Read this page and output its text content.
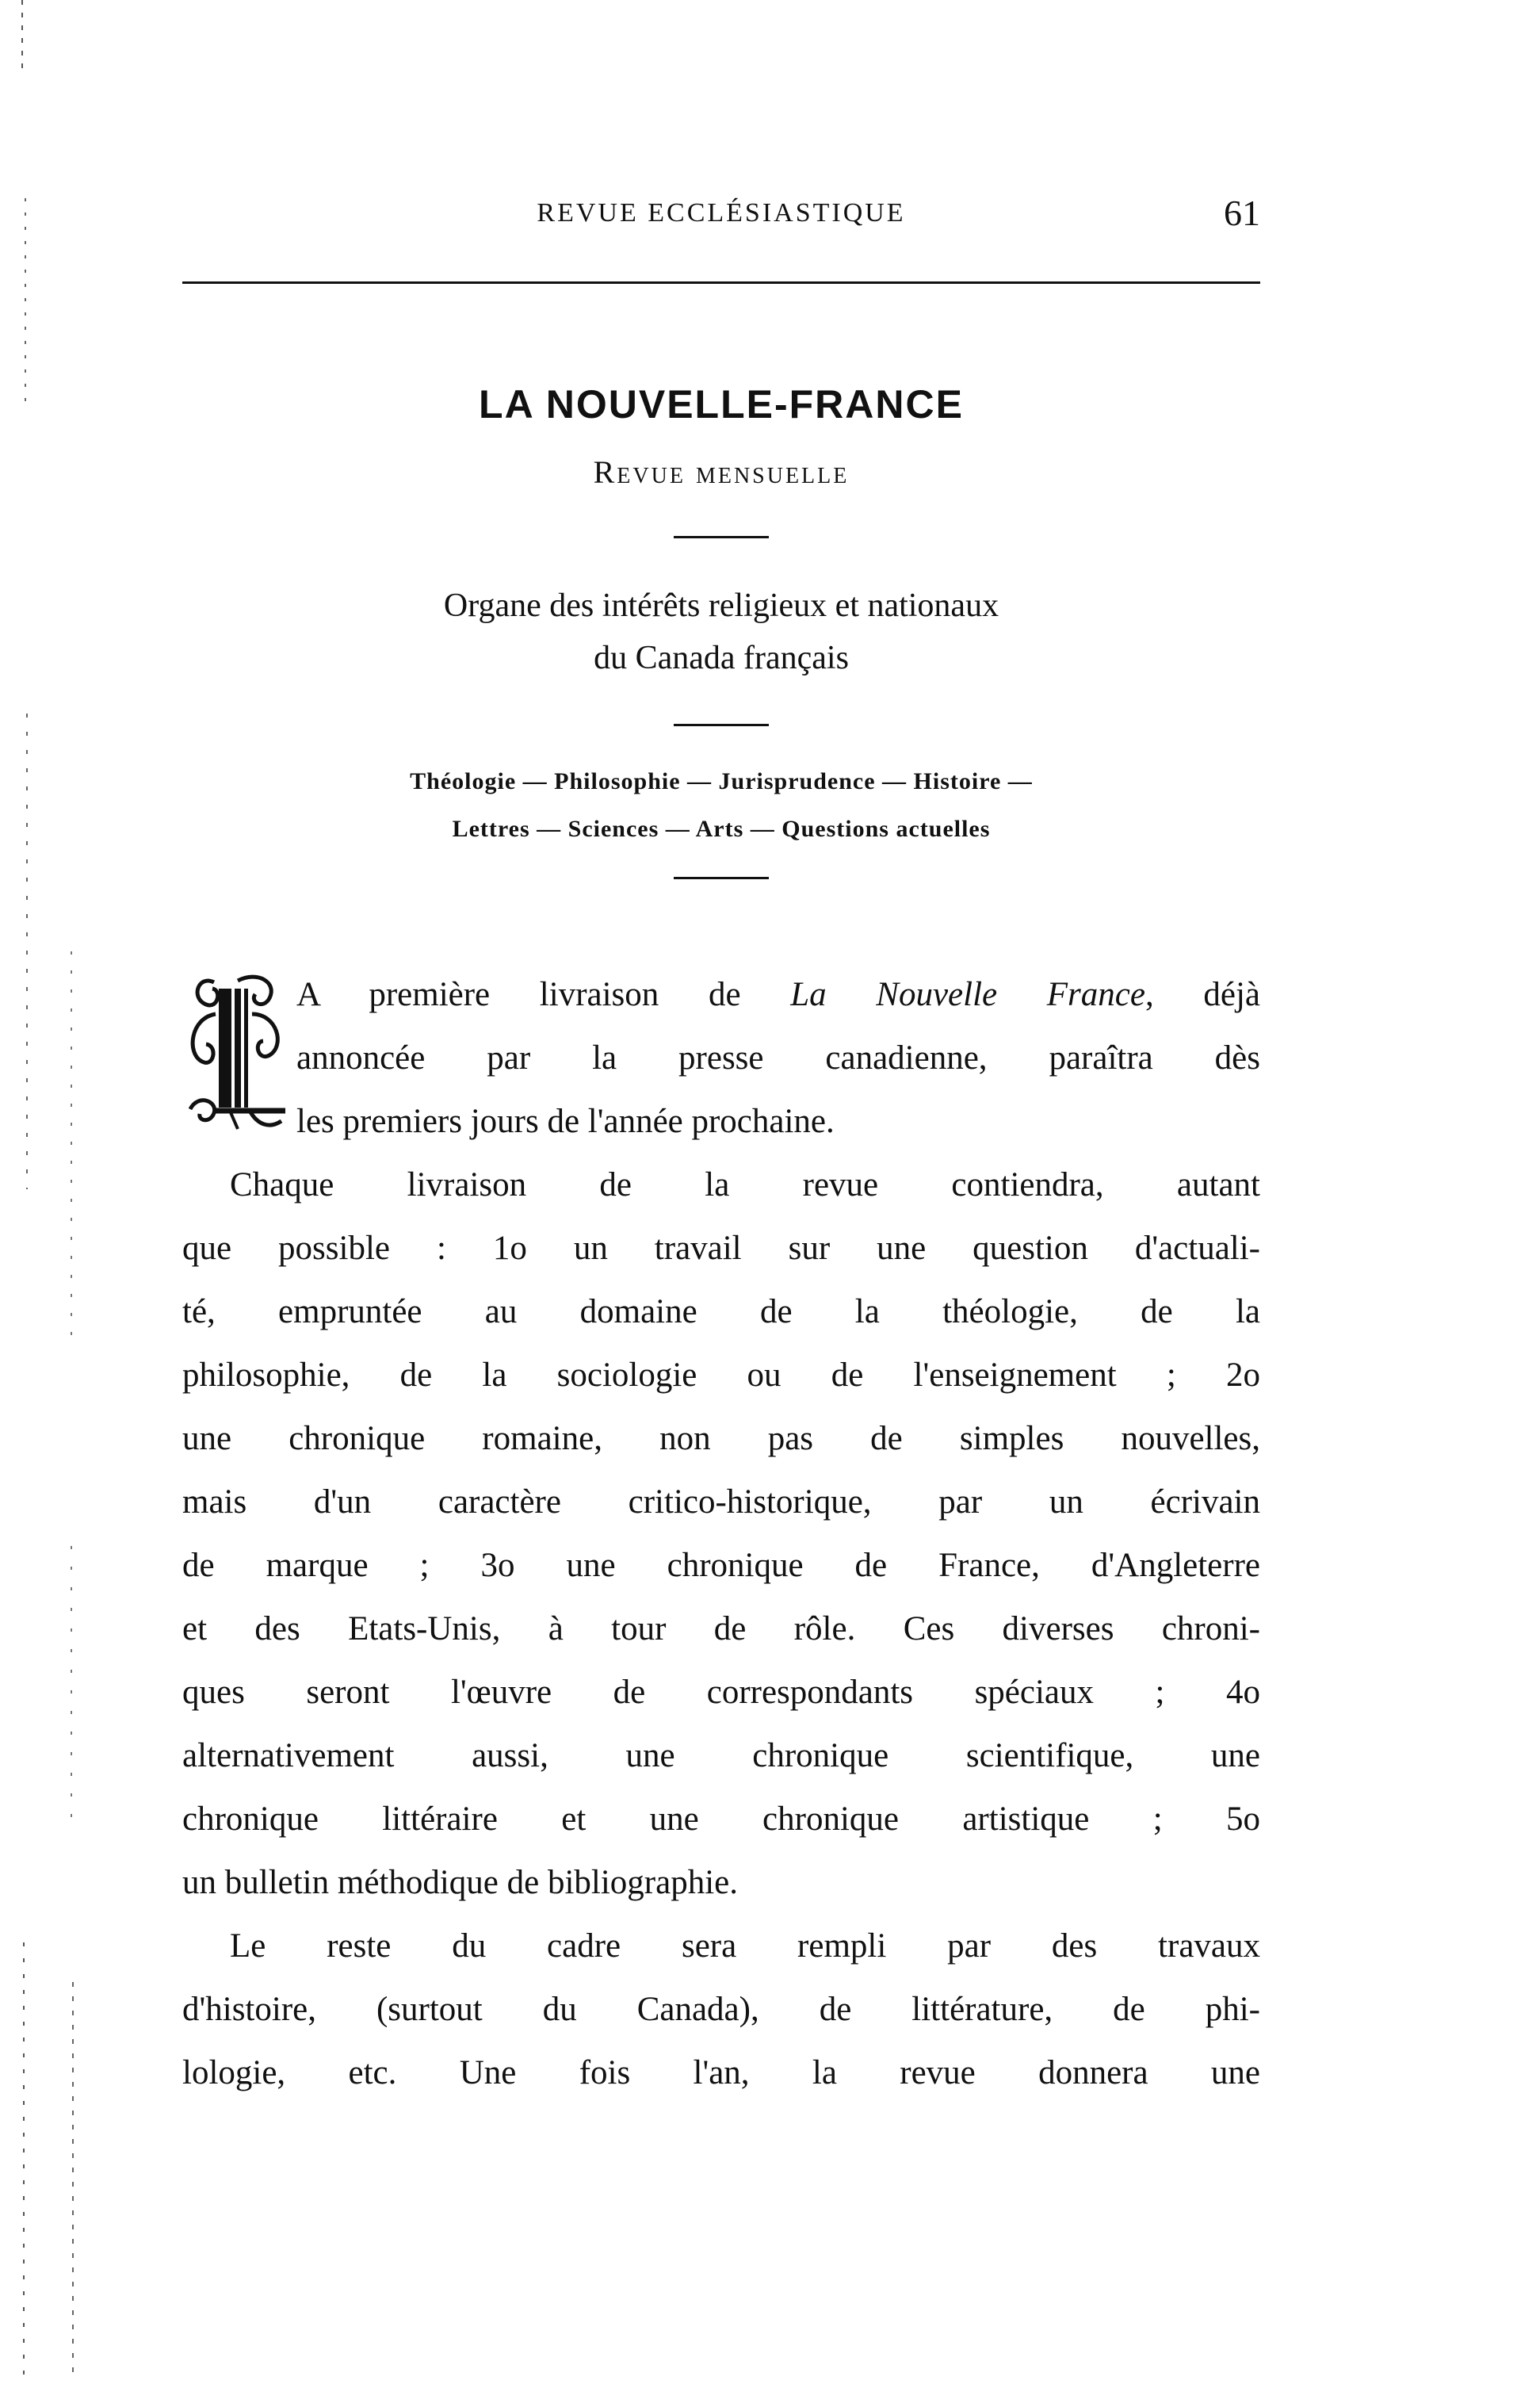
REVUE ECCLÉSIASTIQUE	61
LA NOUVELLE-FRANCE
Revue mensuelle
Organe des intérêts religieux et nationaux
du Canada français
Théologie — Philosophie — Jurisprudence — Histoire —
Lettres — Sciences — Arts — Questions actuelles
A première livraison de La Nouvelle France, déjà
annoncée par la presse canadienne, paraîtra dès
les premiers jours de l'année prochaine.
Chaque livraison de la revue contiendra, autant
que possible : 1o un travail sur une question d'actuali-
té, empruntée au domaine de la théologie, de la
philosophie, de la sociologie ou de l'enseignement ; 2o
une chronique romaine, non pas de simples nouvelles,
mais d'un caractère critico-historique, par un écrivain
de marque ; 3o une chronique de France, d'Angleterre
et des Etats-Unis, à tour de rôle. Ces diverses chroni-
ques seront l'œuvre de correspondants spéciaux ; 4o
alternativement aussi, une chronique scientifique, une
chronique littéraire et une chronique artistique ; 5o
un bulletin méthodique de bibliographie.
Le reste du cadre sera rempli par des travaux
d'histoire, (surtout du Canada), de littérature, de phi-
lologie, etc. Une fois l'an, la revue donnera une
